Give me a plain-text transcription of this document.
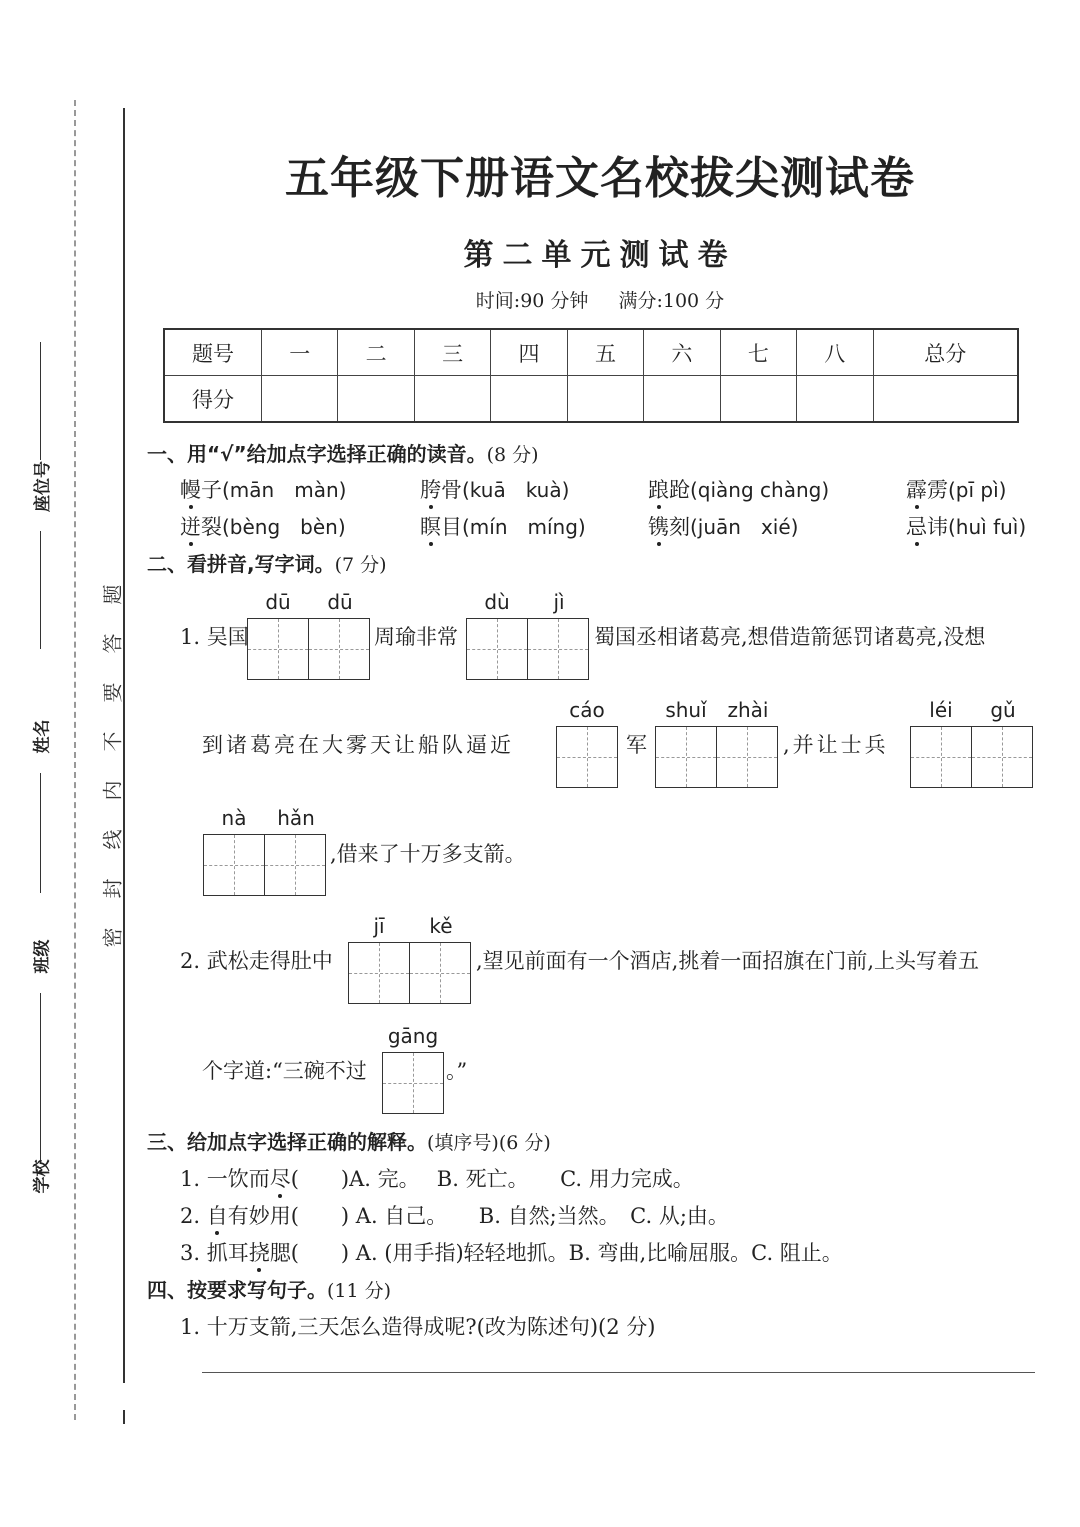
题
答
要
不
内
线
封
密
座位号
姓名
班级
学校
五年级下册语文名校拔尖测试卷
第二单元测试卷
时间:90 分钟 满分:100 分
题号	一	二	三	四	五	六	七	八	总分
得分									
一、用“√”给加点字选择正确的读音。(8 分)
幔子(mān　màn)	胯骨(kuā　kuà)	踉跄(qiàng chàng)	霹雳(pī pì)
迸裂(bèng　bèn)	瞑目(mín　míng)	镌刻(juān　xié)	忌讳(huì fuì)
二、看拼音,写字词。(7 分)
dū	dū	dù	jì
1. 吴国	周瑜非常	蜀国丞相诸葛亮,想借造箭惩罚诸葛亮,没想
cáo	shuǐ	zhài	léi	gǔ
到诸葛亮在大雾天让船队逼近	军	,并让士兵
nà	hǎn
,借来了十万多支箭。
jī	kě
2. 武松走得肚中	,望见前面有一个酒店,挑着一面招旗在门前,上头写着五
gāng
个字道:“三碗不过	。”
三、给加点字选择正确的解释。(填序号)(6 分)
1. 一饮而尽(　　)A. 完。　 B. 死亡。　　C. 用力完成。
2. 自有妙用(　　) A. 自己。　　B. 自然;当然。　C. 从;由。
3. 抓耳挠腮(　　) A. (用手指)轻轻地抓。B. 弯曲,比喻屈服。C. 阻止。
四、按要求写句子。(11 分)
1. 十万支箭,三天怎么造得成呢?(改为陈述句)(2 分)
